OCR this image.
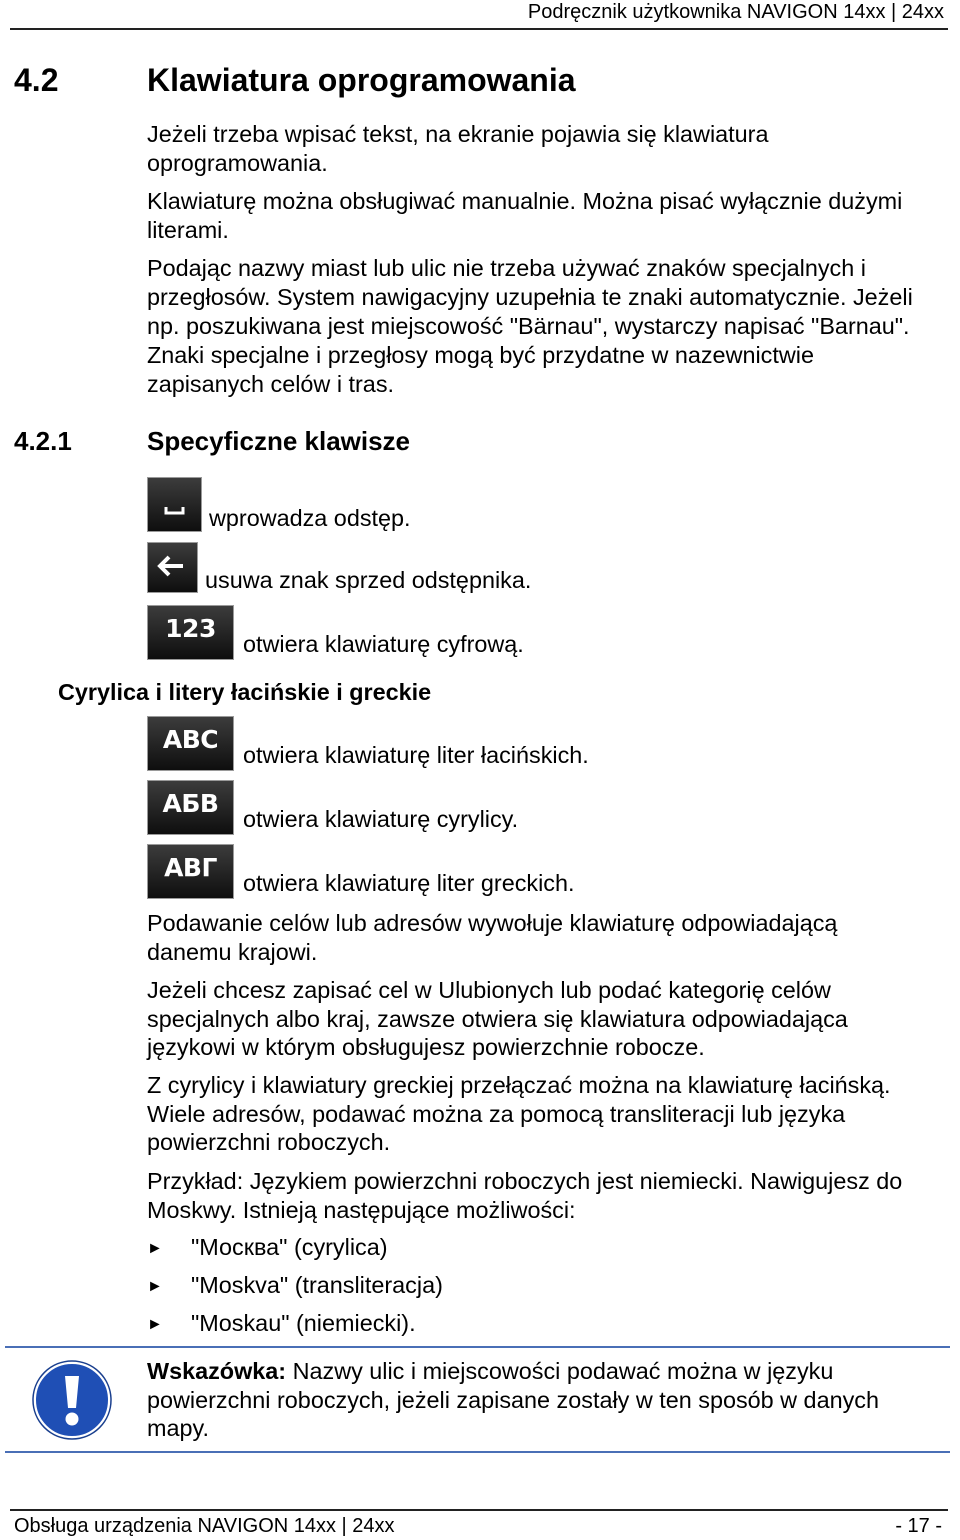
Podręcznik użytkownika NAVIGON 14xx | 24xx
4.2	Klawiatura oprogramowania
Jeżeli trzeba wpisać tekst, na ekranie pojawia się klawiatura oprogramowania.
Klawiaturę można obsługiwać manualnie. Można pisać wyłącznie dużymi literami.
Podając nazwy miast lub ulic nie trzeba używać znaków specjalnych i przegłosów. System nawigacyjny uzupełnia te znaki automatycznie. Jeżeli np. poszukiwana jest miejscowość "Bärnau", wystarczy napisać "Barnau". Znaki specjalne i przegłosy mogą być przydatne w nazewnictwie zapisanych celów i tras.
4.2.1	Specyficzne klawisze
wprowadza odstęp.
usuwa znak sprzed odstępnika.
123
otwiera klawiaturę cyfrową.
Cyrylica i litery łacińskie i greckie
ABC
otwiera klawiaturę liter łacińskich.
АБВ
otwiera klawiaturę cyrylicy.
ΑΒΓ
otwiera klawiaturę liter greckich.
Podawanie celów lub adresów wywołuje klawiaturę odpowiadającą danemu krajowi.
Jeżeli chcesz zapisać cel w Ulubionych lub podać kategorię celów specjalnych albo kraj, zawsze otwiera się klawiatura odpowiadająca językowi w którym obsługujesz powierzchnie robocze.
Z cyrylicy i klawiatury greckiej przełączać można na klawiaturę łacińską. Wiele adresów, podawać można za pomocą transliteracji lub języka powierzchni roboczych.
Przykład: Językiem powierzchni roboczych jest niemiecki. Nawigujesz do Moskwy. Istnieją następujące możliwości:
► "Москва" (cyrylica)
► "Moskva" (transliteracja)
► "Moskau" (niemiecki).
Wskazówka: Nazwy ulic i miejscowości podawać można w języku powierzchni roboczych, jeżeli zapisane zostały w ten sposób w danych mapy.
Obsługa urządzenia NAVIGON 14xx | 24xx	- 17 -
